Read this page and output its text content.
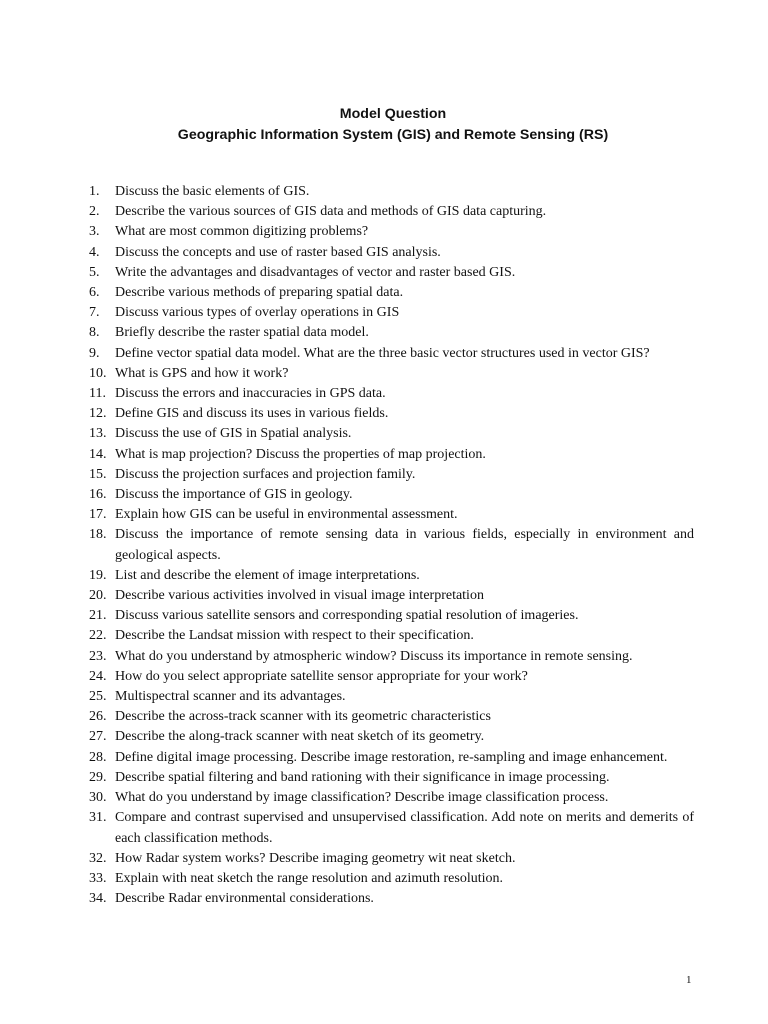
Model Question
Geographic Information System (GIS) and Remote Sensing (RS)
1. Discuss the basic elements of GIS.
2. Describe the various sources of GIS data and methods of GIS data capturing.
3. What are most common digitizing problems?
4. Discuss the concepts and use of raster based GIS analysis.
5. Write the advantages and disadvantages of vector and raster based GIS.
6. Describe various methods of preparing spatial data.
7. Discuss various types of overlay operations in GIS
8. Briefly describe the raster spatial data model.
9. Define vector spatial data model. What are the three basic vector structures used in vector GIS?
10. What is GPS and how it work?
11. Discuss the errors and inaccuracies in GPS data.
12. Define GIS and discuss its uses in various fields.
13. Discuss the use of GIS in Spatial analysis.
14. What is map projection? Discuss the properties of map projection.
15. Discuss the projection surfaces and projection family.
16. Discuss the importance of GIS in geology.
17. Explain how GIS can be useful in environmental assessment.
18. Discuss the importance of remote sensing data in various fields, especially in environment and geological aspects.
19. List and describe the element of image interpretations.
20. Describe various activities involved in visual image interpretation
21. Discuss various satellite sensors and corresponding spatial resolution of imageries.
22. Describe the Landsat mission with respect to their specification.
23. What do you understand by atmospheric window? Discuss its importance in remote sensing.
24. How do you select appropriate satellite sensor appropriate for your work?
25. Multispectral scanner and its advantages.
26. Describe the across-track scanner with its geometric characteristics
27. Describe the along-track scanner with neat sketch of its geometry.
28. Define digital image processing. Describe image restoration, re-sampling and image enhancement.
29. Describe spatial filtering and band rationing with their significance in image processing.
30. What do you understand by image classification? Describe image classification process.
31. Compare and contrast supervised and unsupervised classification. Add note on merits and demerits of each classification methods.
32. How Radar system works? Describe imaging geometry wit neat sketch.
33. Explain with neat sketch the range resolution and azimuth resolution.
34. Describe Radar environmental considerations.
1
